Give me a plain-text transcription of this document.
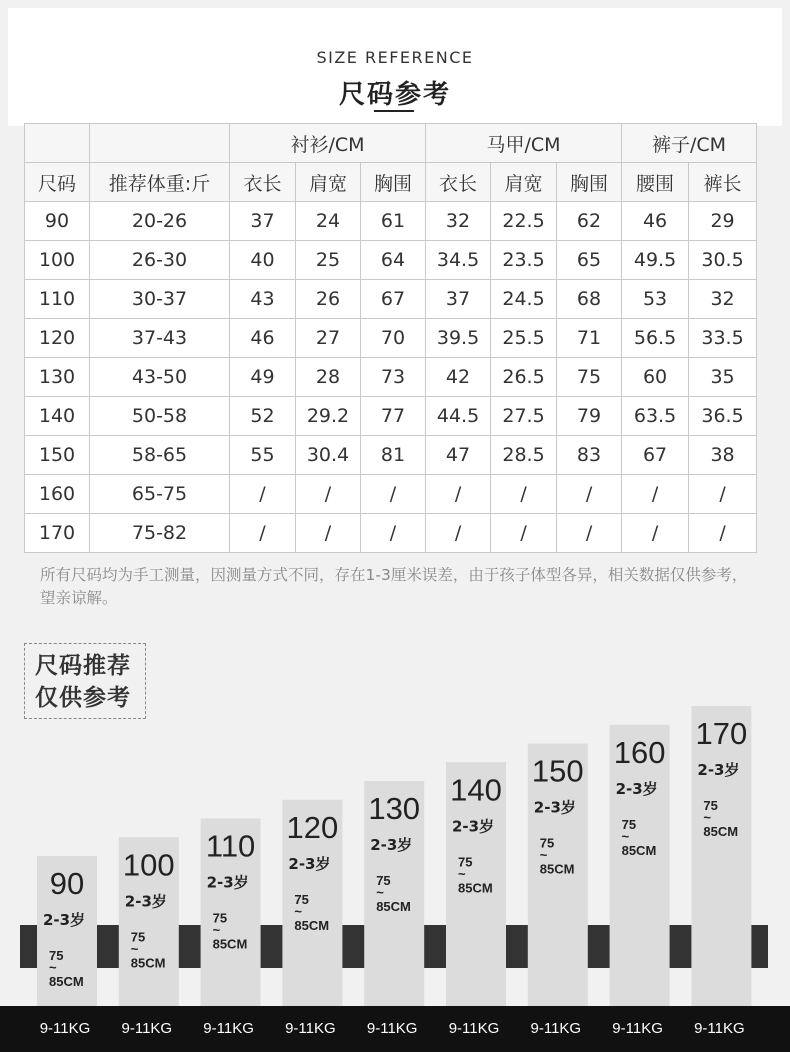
SIZE REFERENCE
尺码参考
		衬衫/CM			马甲/CM			裤子/CM	
尺码	推荐体重:斤	衣长	肩宽	胸围	衣长	肩宽	胸围	腰围	裤长
90	20-26	37	24	61	32	22.5	62	46	29
100	26-30	40	25	64	34.5	23.5	65	49.5	30.5
110	30-37	43	26	67	37	24.5	68	53	32
120	37-43	46	27	70	39.5	25.5	71	56.5	33.5
130	43-50	49	28	73	42	26.5	75	60	35
140	50-58	52	29.2	77	44.5	27.5	79	63.5	36.5
150	58-65	55	30.4	81	47	28.5	83	67	38
160	65-75	/	/	/	/	/	/	/	/
170	75-82	/	/	/	/	/	/	/	/
所有尺码均为手工测量，因测量方式不同，存在1-3厘米误差，由于孩子体型各异，相关数据仅供参考，望亲谅解。
尺码推荐
仅供参考
90
2-3岁
75
~
85CM
9-11KG
100
2-3岁
75
~
85CM
9-11KG
110
2-3岁
75
~
85CM
9-11KG
120
2-3岁
75
~
85CM
9-11KG
130
2-3岁
75
~
85CM
9-11KG
140
2-3岁
75
~
85CM
9-11KG
150
2-3岁
75
~
85CM
9-11KG
160
2-3岁
75
~
85CM
9-11KG
170
2-3岁
75
~
85CM
9-11KG
